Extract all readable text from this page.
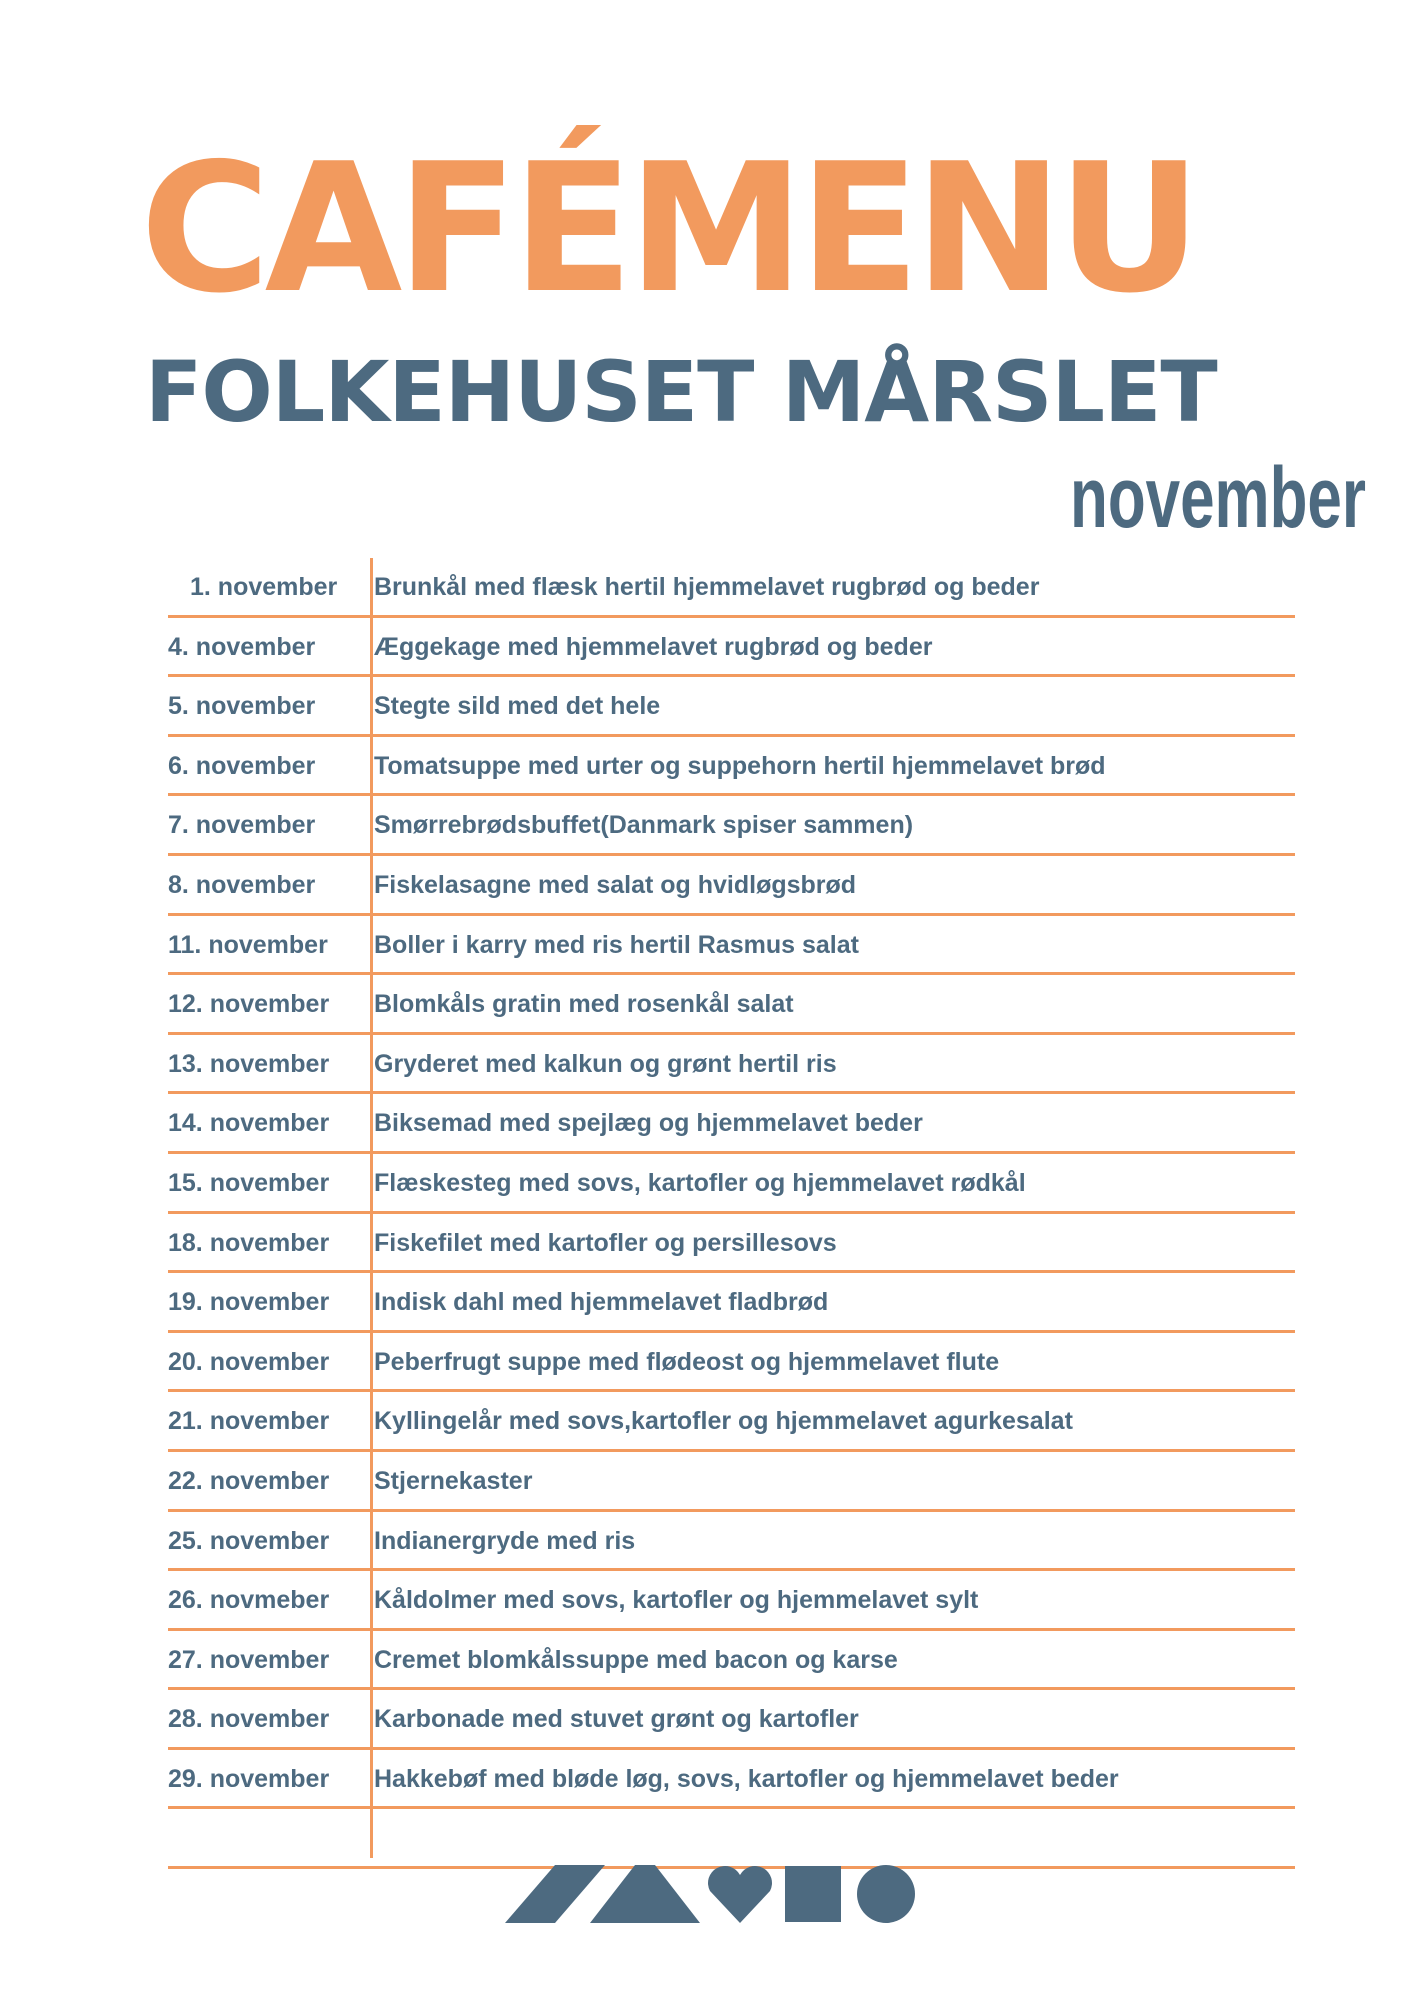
CAFÉMENU
FOLKEHUSET MÅRSLET
november
1. november	Brunkål med flæsk hertil hjemmelavet rugbrød og beder
4. november	Æggekage med hjemmelavet rugbrød og beder
5. november	Stegte sild med det hele
6. november	Tomatsuppe med urter og suppehorn hertil hjemmelavet brød
7. november	Smørrebrødsbuffet(Danmark spiser sammen)
8. november	Fiskelasagne med salat og hvidløgsbrød
11. november	Boller i karry med ris hertil Rasmus salat
12. november	Blomkåls gratin med rosenkål salat
13. november	Gryderet med kalkun og grønt hertil ris
14. november	Biksemad med spejlæg og hjemmelavet beder
15. november	Flæskesteg med sovs, kartofler og hjemmelavet rødkål
18. november	Fiskefilet med kartofler og persillesovs
19. november	Indisk dahl med hjemmelavet fladbrød
20. november	Peberfrugt suppe med flødeost og hjemmelavet flute
21. november	Kyllingelår med sovs,kartofler og hjemmelavet agurkesalat
22. november	Stjernekaster
25. november	Indianergryde med ris
26. novmeber	Kåldolmer med sovs, kartofler og hjemmelavet sylt
27. november	Cremet blomkålssuppe med bacon og karse
28. november	Karbonade med stuvet grønt og kartofler
29. november	Hakkebøf med bløde løg, sovs, kartofler og hjemmelavet beder
